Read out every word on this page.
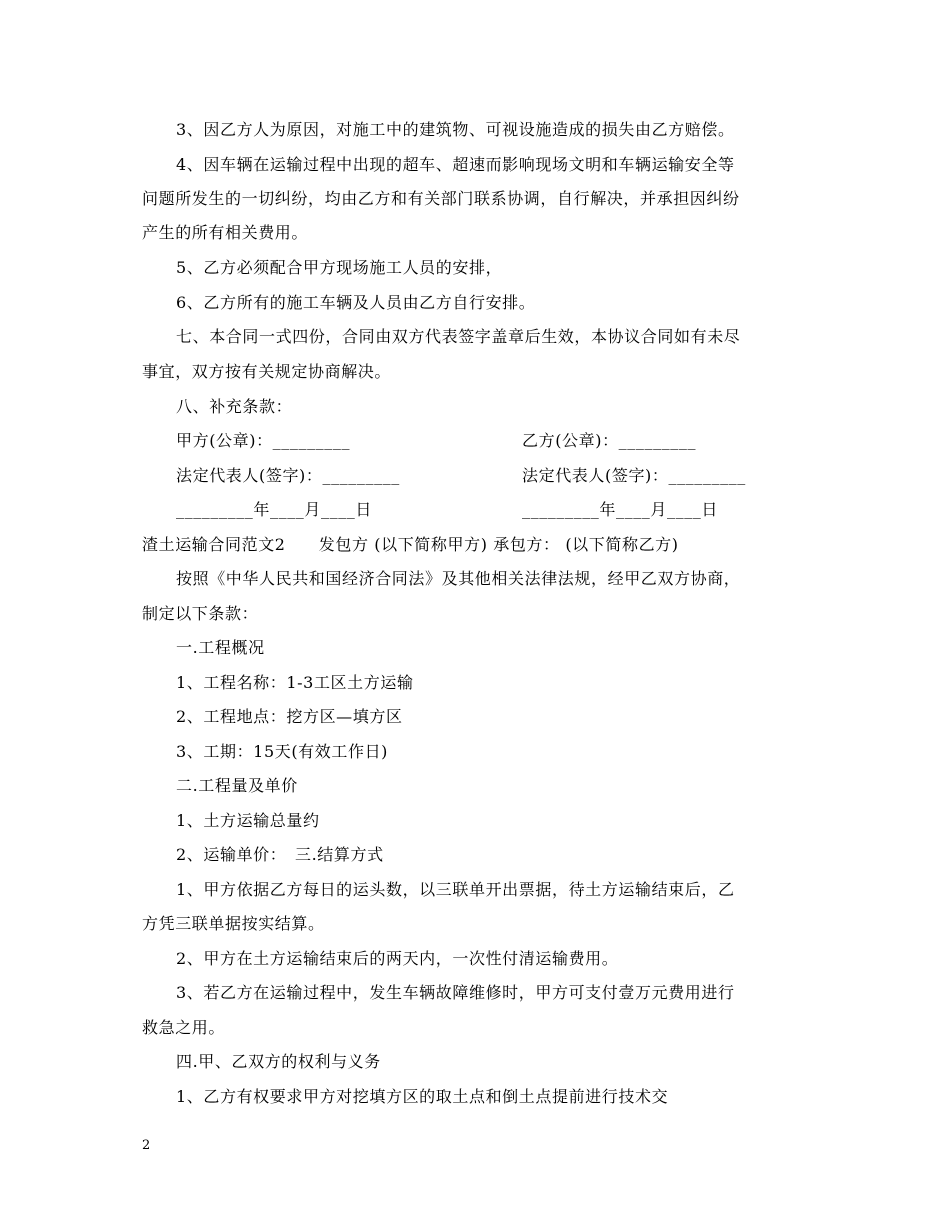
3、因乙方人为原因，对施工中的建筑物、可视设施造成的损失由乙方赔偿。
4、因车辆在运输过程中出现的超车、超速而影响现场文明和车辆运输安全等
问题所发生的一切纠纷，均由乙方和有关部门联系协调，自行解决，并承担因纠纷
产生的所有相关费用。
5、乙方必须配合甲方现场施工人员的安排，
6、乙方所有的施工车辆及人员由乙方自行安排。
七、本合同一式四份，合同由双方代表签字盖章后生效，本协议合同如有未尽
事宜，双方按有关规定协商解决。
八、补充条款：
甲方(公章)：_________	乙方(公章)：_________
法定代表人(签字)：_________	法定代表人(签字)：_________
_________年____月____日	_________年____月____日
渣土运输合同范文2　　发包方 (以下简称甲方) 承包方： (以下简称乙方)
按照《中华人民共和国经济合同法》及其他相关法律法规，经甲乙双方协商，
制定以下条款：
一.工程概况
1、工程名称：1-3工区土方运输
2、工程地点：挖方区—填方区
3、工期：15天(有效工作日)
二.工程量及单价
1、土方运输总量约
2、运输单价：　三.结算方式
1、甲方依据乙方每日的运头数，以三联单开出票据，待土方运输结束后，乙
方凭三联单据按实结算。
2、甲方在土方运输结束后的两天内，一次性付清运输费用。
3、若乙方在运输过程中，发生车辆故障维修时，甲方可支付壹万元费用进行
救急之用。
四.甲、乙双方的权利与义务
1、乙方有权要求甲方对挖填方区的取土点和倒土点提前进行技术交
2
